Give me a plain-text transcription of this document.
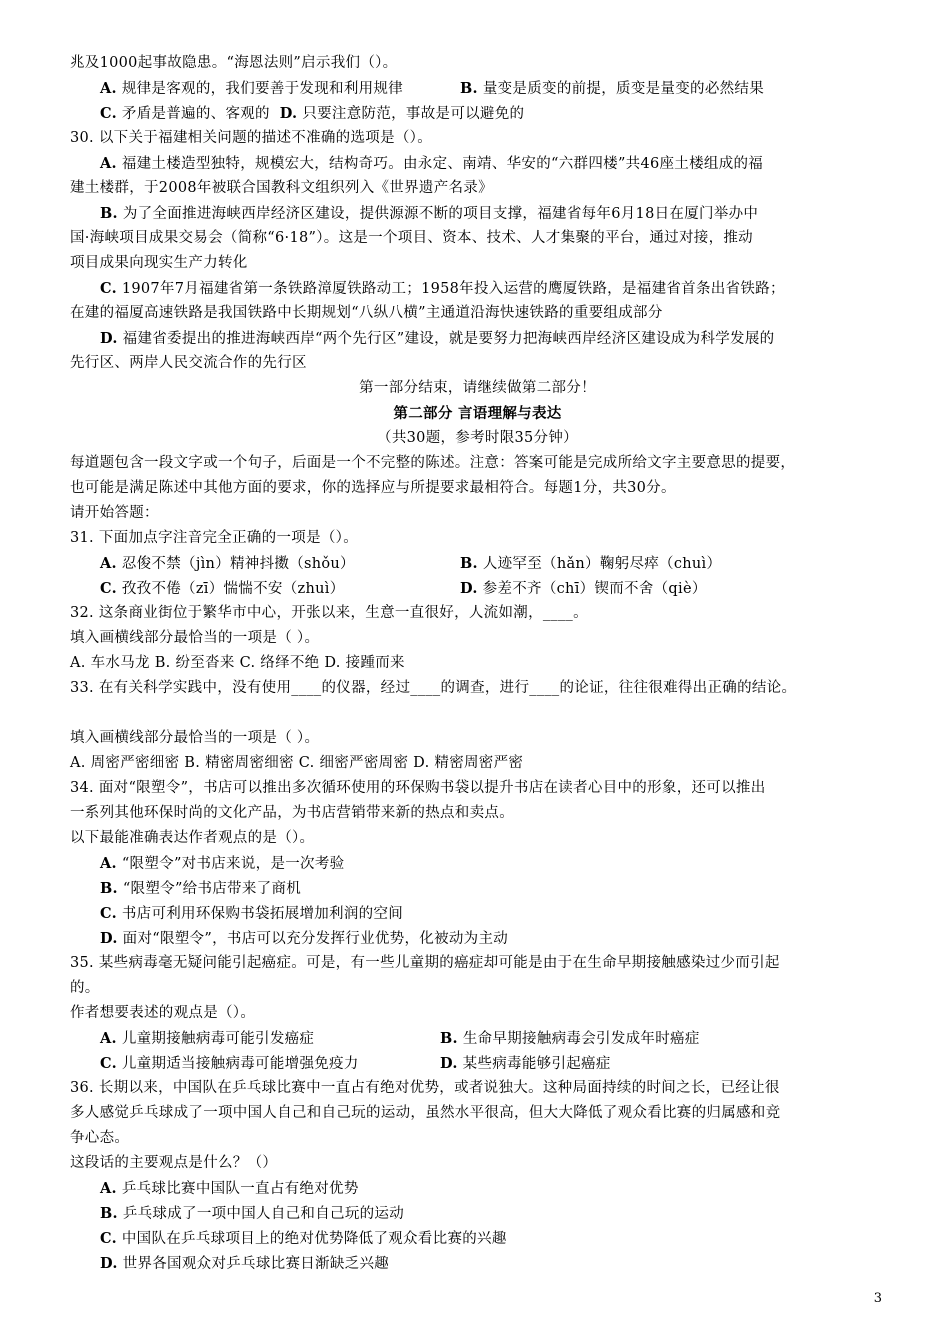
兆及1000起事故隐患。“海恩法则”启示我们（）。
A. 规律是客观的，我们要善于发现和利用规律	B. 量变是质变的前提，质变是量变的必然结果
C. 矛盾是普遍的、客观的 D. 只要注意防范，事故是可以避免的
30. 以下关于福建相关问题的描述不准确的选项是（）。
A. 福建土楼造型独特，规模宏大，结构奇巧。由永定、南靖、华安的“六群四楼”共46座土楼组成的福
建土楼群，于2008年被联合国教科文组织列入《世界遗产名录》
B. 为了全面推进海峡西岸经济区建设，提供源源不断的项目支撑，福建省每年6月18日在厦门举办中
国·海峡项目成果交易会（简称“6·18”）。这是一个项目、资本、技术、人才集聚的平台，通过对接，推动
项目成果向现实生产力转化
C. 1907年7月福建省第一条铁路漳厦铁路动工；1958年投入运营的鹰厦铁路，是福建省首条出省铁路；
在建的福厦高速铁路是我国铁路中长期规划“八纵八横”主通道沿海快速铁路的重要组成部分
D. 福建省委提出的推进海峡西岸“两个先行区”建设，就是要努力把海峡西岸经济区建设成为科学发展的
先行区、两岸人民交流合作的先行区
第一部分结束，请继续做第二部分！
第二部分 言语理解与表达
（共30题，参考时限35分钟）
每道题包含一段文字或一个句子，后面是一个不完整的陈述。注意：答案可能是完成所给文字主要意思的提要，
也可能是满足陈述中其他方面的要求，你的选择应与所提要求最相符合。每题1分，共30分。
请开始答题：
31. 下面加点字注音完全正确的一项是（）。
A. 忍俊不禁（jìn）精神抖擞（shǒu）	B. 人迹罕至（hǎn）鞠躬尽瘁（chuì）
C. 孜孜不倦（zī）惴惴不安（zhuì）	D. 参差不齐（chī）锲而不舍（qiè）
32. 这条商业街位于繁华市中心，开张以来，生意一直很好，人流如潮，____。
填入画横线部分最恰当的一项是（ ）。
A. 车水马龙 B. 纷至沓来 C. 络绎不绝 D. 接踵而来
33. 在有关科学实践中，没有使用____的仪器，经过____的调查，进行____的论证，往往很难得出正确的结论。
填入画横线部分最恰当的一项是（ ）。
A. 周密严密细密 B. 精密周密细密 C. 细密严密周密 D. 精密周密严密
34. 面对“限塑令”，书店可以推出多次循环使用的环保购书袋以提升书店在读者心目中的形象，还可以推出
一系列其他环保时尚的文化产品，为书店营销带来新的热点和卖点。
以下最能准确表达作者观点的是（）。
A. “限塑令”对书店来说，是一次考验
B. “限塑令”给书店带来了商机
C. 书店可利用环保购书袋拓展增加利润的空间
D. 面对“限塑令”，书店可以充分发挥行业优势，化被动为主动
35. 某些病毒毫无疑问能引起癌症。可是，有一些儿童期的癌症却可能是由于在生命早期接触感染过少而引起
的。
作者想要表述的观点是（）。
A. 儿童期接触病毒可能引发癌症	B. 生命早期接触病毒会引发成年时癌症
C. 儿童期适当接触病毒可能增强免疫力	D. 某些病毒能够引起癌症
36. 长期以来，中国队在乒乓球比赛中一直占有绝对优势，或者说独大。这种局面持续的时间之长，已经让很
多人感觉乒乓球成了一项中国人自己和自己玩的运动，虽然水平很高，但大大降低了观众看比赛的归属感和竞
争心态。
这段话的主要观点是什么？（）
A. 乒乓球比赛中国队一直占有绝对优势
B. 乒乓球成了一项中国人自己和自己玩的运动
C. 中国队在乒乓球项目上的绝对优势降低了观众看比赛的兴趣
D. 世界各国观众对乒乓球比赛日渐缺乏兴趣
3
